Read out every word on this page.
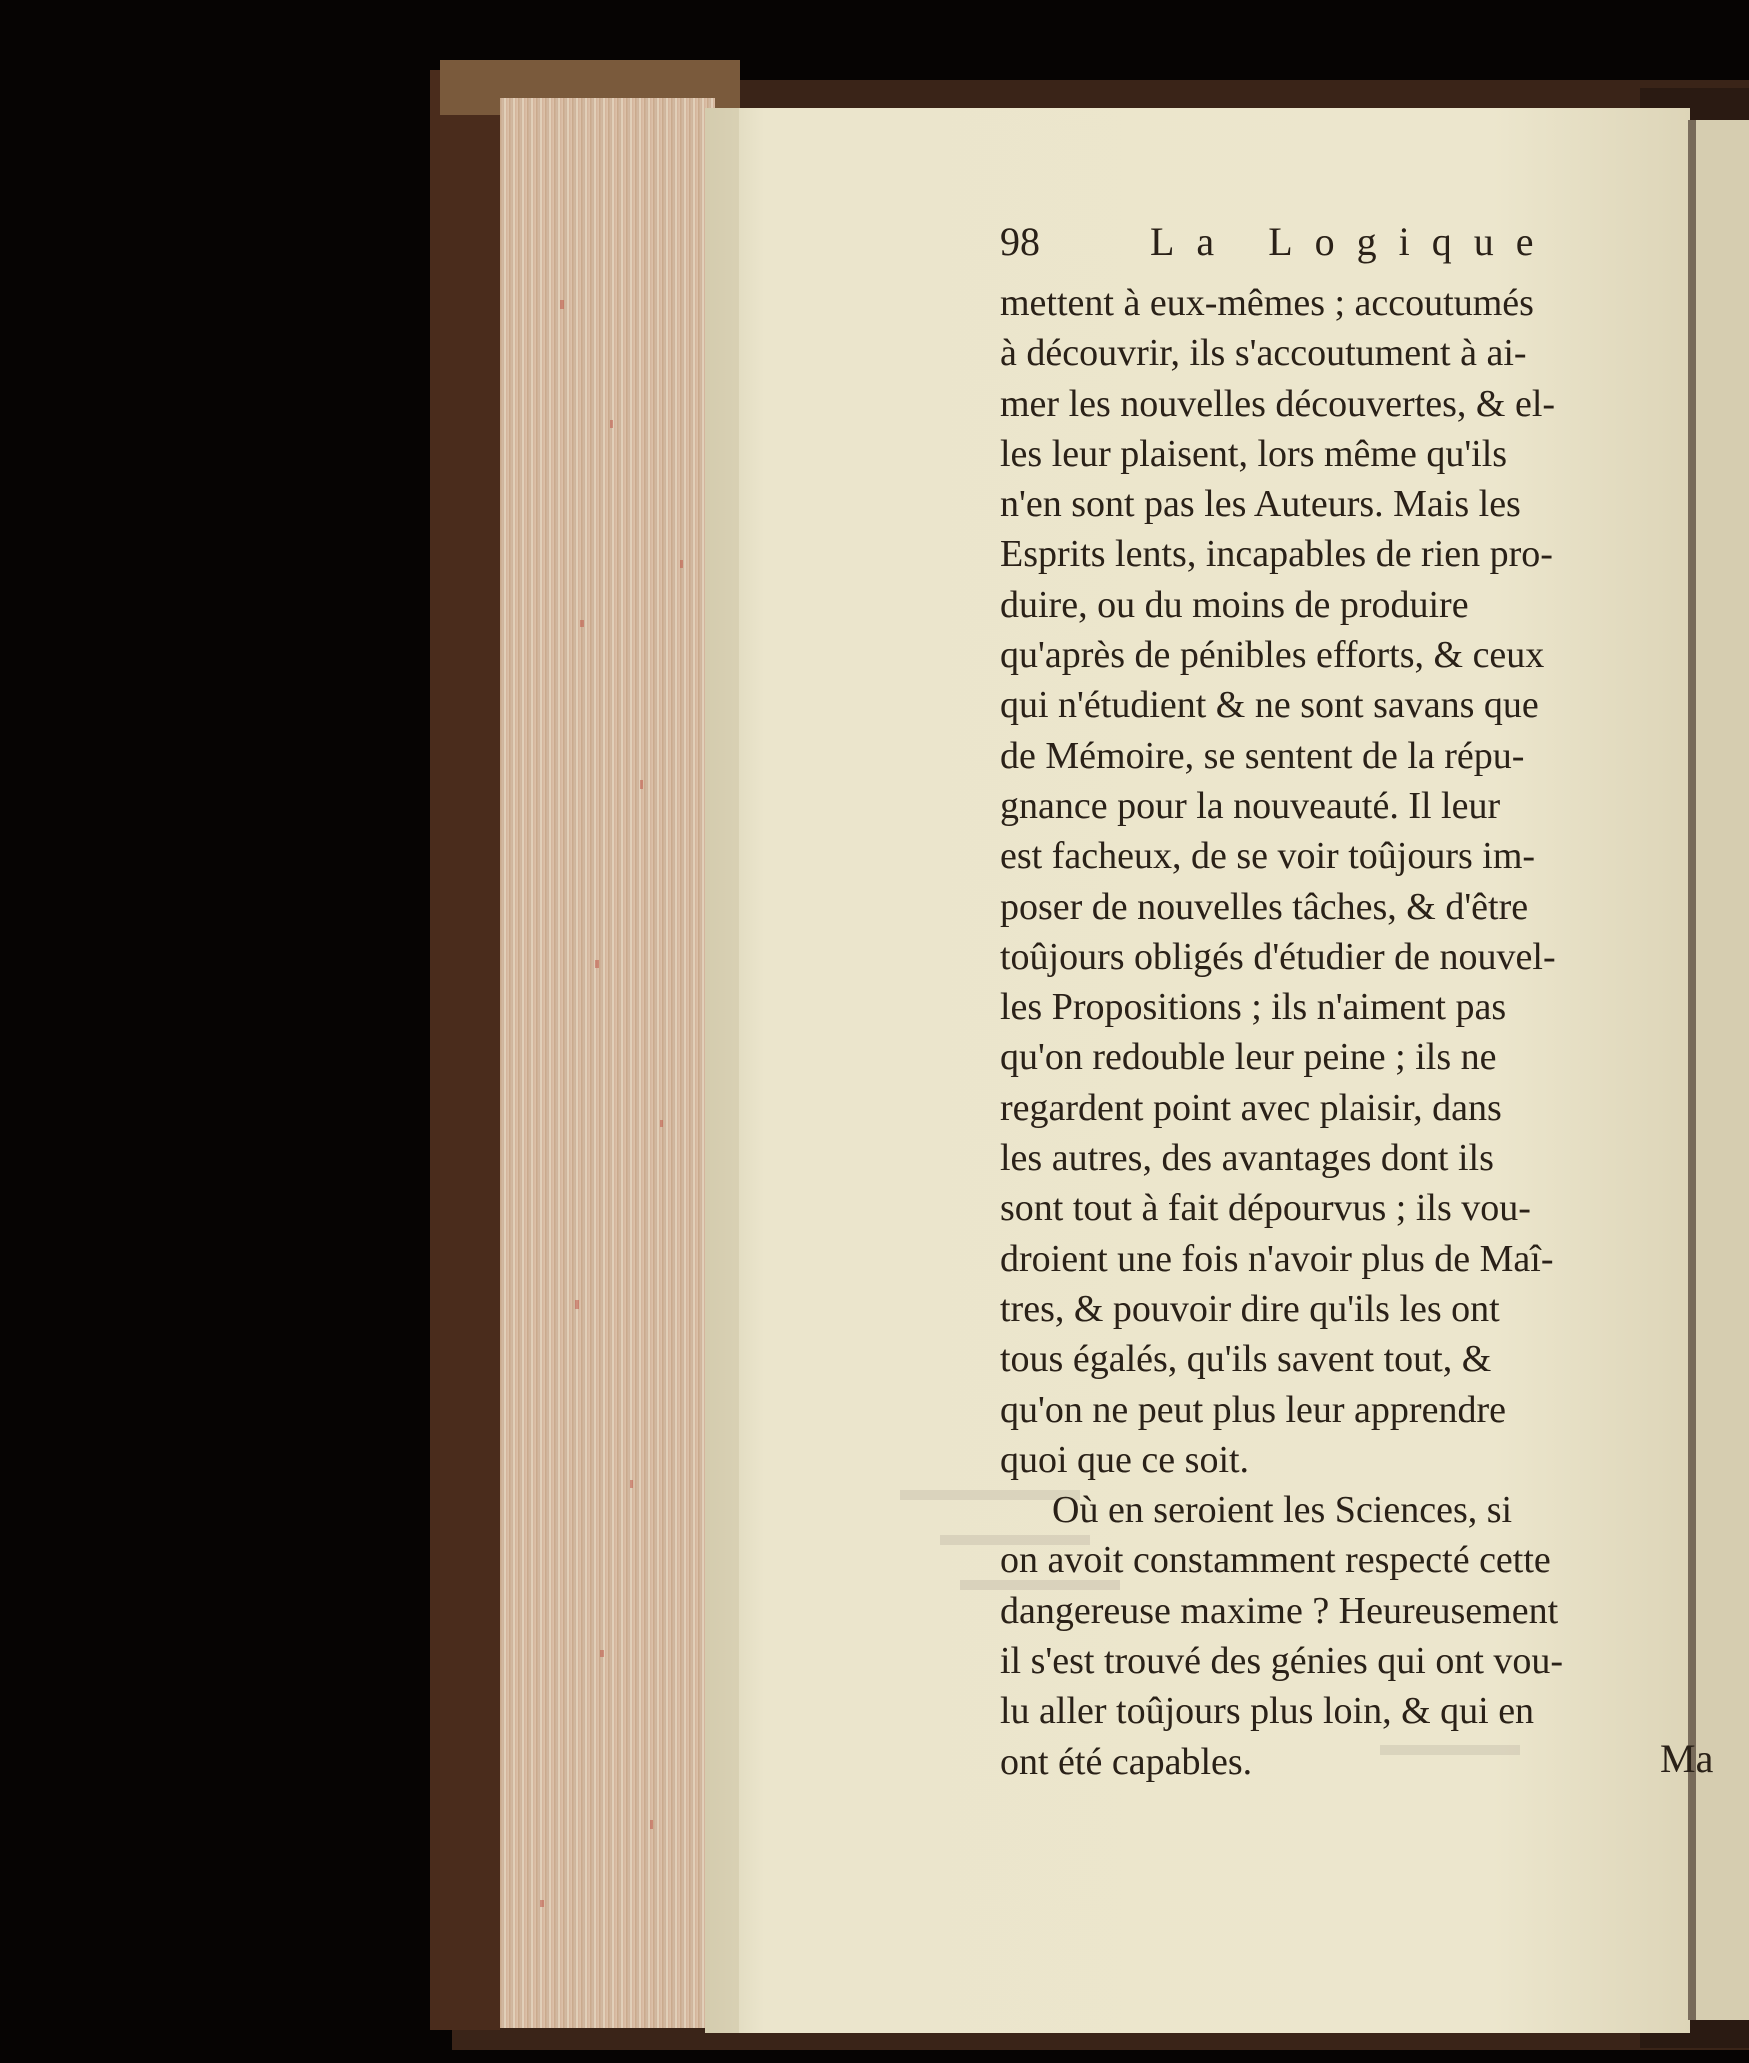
98	La Logique
mettent à eux-mêmes ; accoutumés
à découvrir, ils s'accoutument à ai-
mer les nouvelles découvertes, & el-
les leur plaisent, lors même qu'ils
n'en sont pas les Auteurs. Mais les
Esprits lents, incapables de rien pro-
duire, ou du moins de produire
qu'après de pénibles efforts, & ceux
qui n'étudient & ne sont savans que
de Mémoire, se sentent de la répu-
gnance pour la nouveauté. Il leur
est facheux, de se voir toûjours im-
poser de nouvelles tâches, & d'être
toûjours obligés d'étudier de nouvel-
les Propositions ; ils n'aiment pas
qu'on redouble leur peine ; ils ne
regardent point avec plaisir, dans
les autres, des avantages dont ils
sont tout à fait dépourvus ; ils vou-
droient une fois n'avoir plus de Maî-
tres, & pouvoir dire qu'ils les ont
tous égalés, qu'ils savent tout, &
qu'on ne peut plus leur apprendre
quoi que ce soit.
Où en seroient les Sciences, si
on avoit constamment respecté cette
dangereuse maxime ? Heureusement
il s'est trouvé des génies qui ont vou-
lu aller toûjours plus loin, & qui en
ont été capables.	Ma
